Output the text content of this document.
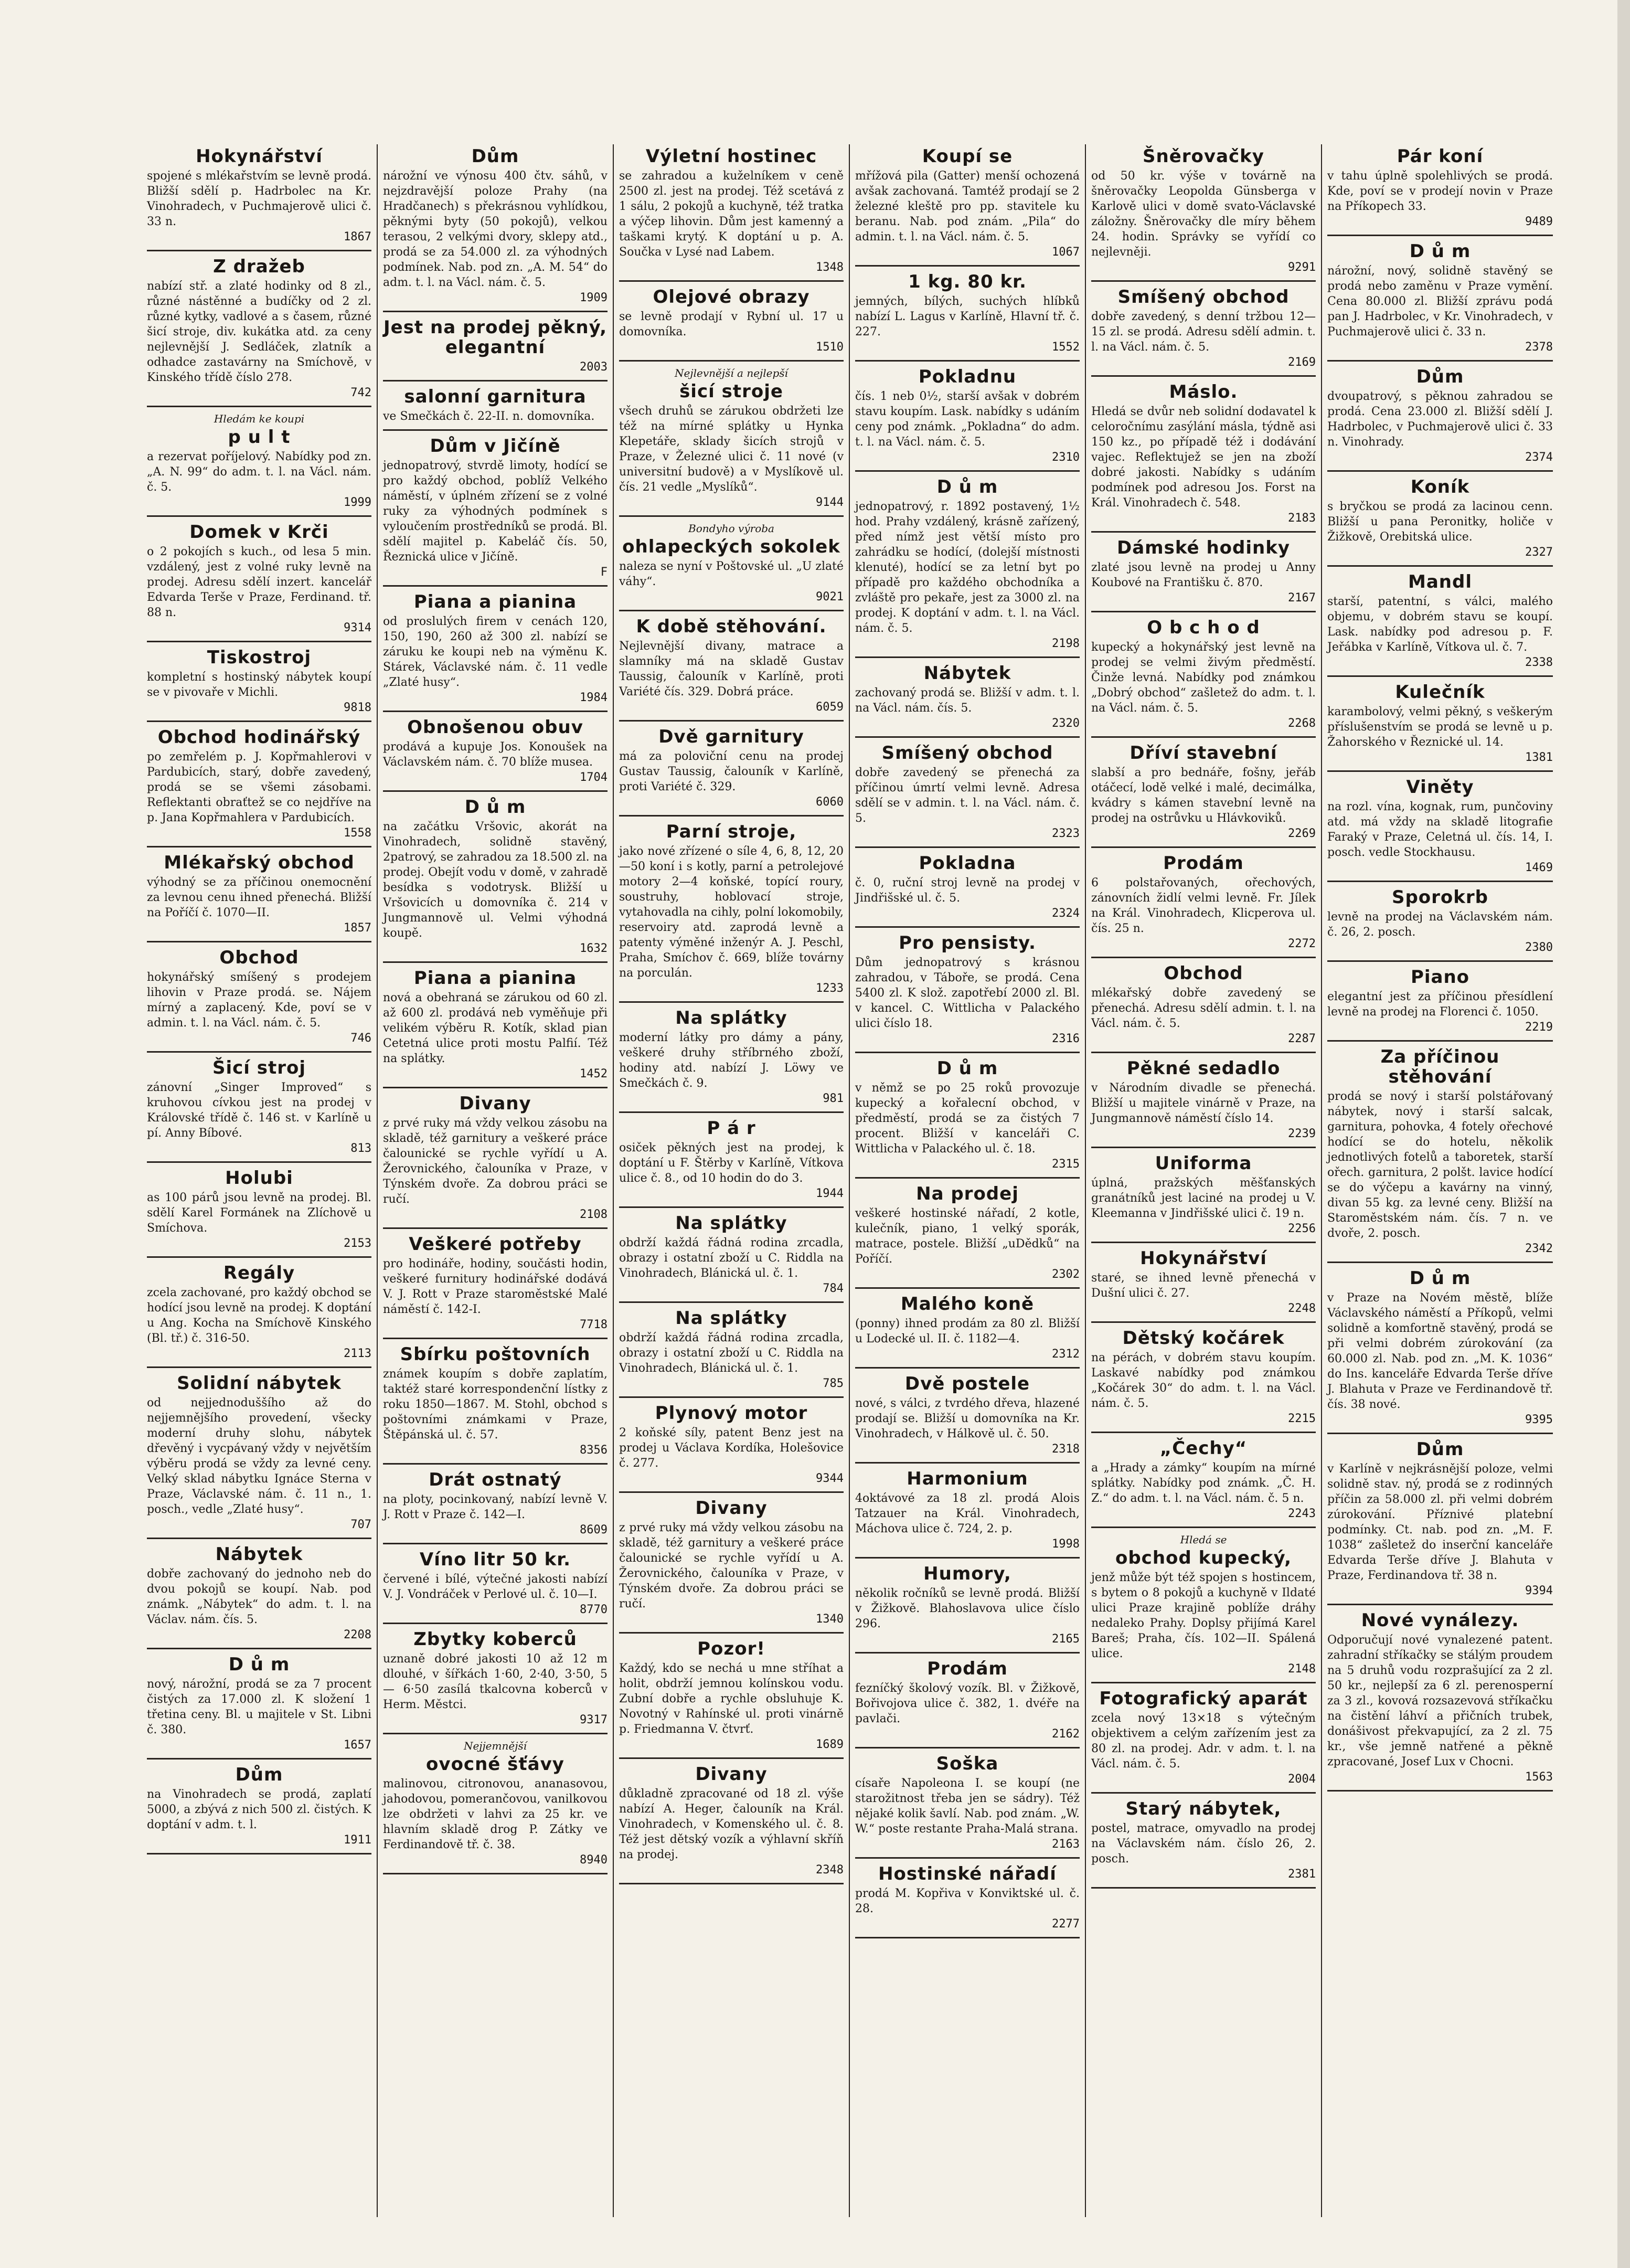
Hokynářství
spojené s mlékařstvím se levně prodá. Bližší sdělí p. Hadrbolec na Kr. Vinohradech, v Puchmajerově ulici č. 33 n.
1867
Z dražeb
nabízí stř. a zlaté hodinky od 8 zl., různé nástěnné a budíčky od 2 zl. různé kytky, vadlové a s časem, různé šicí stroje, div. kukátka atd. za ceny nejlevnější J. Sedláček, zlatník a odhadce zastavárny na Smíchově, v Kinského třídě číslo 278.
742
Hledám ke koupi
p u l t
a rezervat poříjelový. Nabídky pod zn. „A. N. 99“ do adm. t. l. na Václ. nám. č. 5.
1999
Domek v Krči
o 2 pokojích s kuch., od lesa 5 min. vzdálený, jest z volné ruky levně na prodej. Adresu sdělí inzert. kancelář Edvarda Terše v Praze, Ferdinand. tř. 88 n.
9314
Tiskostroj
kompletní s hostinský nábytek koupí se v pivovaře v Michli.
9818
Obchod hodinářský
po zemřelém p. J. Kopřmahlerovi v Pardubicích, starý, dobře zavedený, prodá se se všemi zásobami. Reflektanti obraťtež se co nejdříve na p. Jana Kopřmahlera v Pardubicích.
1558
Mlékařský obchod
výhodný se za příčinou onemocnění za levnou cenu ihned přenechá. Bližší na Poříčí č. 1070—II.
1857
Obchod
hokynářský smíšený s prodejem lihovin v Praze prodá. se. Nájem mírný a zaplacený. Kde, poví se v admin. t. l. na Václ. nám. č. 5.
746
Šicí stroj
zánovní „Singer Improved“ s kruhovou cívkou jest na prodej v Královské třídě č. 146 st. v Karlíně u pí. Anny Bíbové.
813
Holubi
as 100 párů jsou levně na prodej. Bl. sdělí Karel Formánek na Zlíchově u Smíchova.
2153
Regály
zcela zachované, pro každý obchod se hodící jsou levně na prodej. K doptání u Ang. Kocha na Smíchově Kinského (Bl. tř.) č. 316-50.
2113
Solidní nábytek
od nejjednoduššího až do nejjemnějšího provedení, všecky moderní druhy slohu, nábytek dřevěný i vycpávaný vždy v největším výběru prodá se vždy za levné ceny. Velký sklad nábytku Ignáce Sterna v Praze, Václavské nám. č. 11 n., 1. posch., vedle „Zlaté husy“.
707
Nábytek
dobře zachovaný do jednoho neb do dvou pokojů se koupí. Nab. pod známk. „Nábytek“ do adm. t. l. na Václav. nám. čís. 5.
2208
D ů m
nový, nárožní, prodá se za 7 procent čistých za 17.000 zl. K složení 1 třetina ceny. Bl. u majitele v St. Libni č. 380.
1657
Dům
na Vinohradech se prodá, zaplatí 5000, a zbývá z nich 500 zl. čistých. K doptání v adm. t. l.
1911
Dům
nárožní ve výnosu 400 čtv. sáhů, v nejzdravější poloze Prahy (na Hradčanech) s překrásnou vyhlídkou, pěknými byty (50 pokojů), velkou terasou, 2 velkými dvory, sklepy atd., prodá se za 54.000 zl. za výhodných podmínek. Nab. pod zn. „A. M. 54“ do adm. t. l. na Václ. nám. č. 5.
1909
Jest na prodej pěkný, elegantní
2003
salonní garnitura
ve Smečkách č. 22-II. n. domovníka.
Dům v Jičíně
jednopatrový, stvrdě limoty, hodící se pro každý obchod, poblíž Velkého náměstí, v úplném zřízení se z volné ruky za výhodných podmínek s vyloučením prostředníků se prodá. Bl. sdělí majitel p. Kabeláč čís. 50, Řeznická ulice v Jičíně.
F
Piana a pianina
od proslulých firem v cenách 120, 150, 190, 260 až 300 zl. nabízí se záruku ke koupi neb na výměnu K. Stárek, Václavské nám. č. 11 vedle „Zlaté husy“.
1984
Obnošenou obuv
prodává a kupuje Jos. Konoušek na Václavském nám. č. 70 blíže musea.
1704
D ů m
na začátku Vršovic, akorát na Vinohradech, solidně stavěný, 2patrový, se zahradou za 18.500 zl. na prodej. Obejít vodu v domě, v zahradě besídka s vodotrysk. Bližší u Vršovicích u domovníka č. 214 v Jungmannově ul. Velmi výhodná koupě.
1632
Piana a pianina
nová a obehraná se zárukou od 60 zl. až 600 zl. prodává neb vyměňuje při velikém výběru R. Kotík, sklad pian Cetetná ulice proti mostu Palfií. Též na splátky.
1452
Divany
z prvé ruky má vždy velkou zásobu na skladě, též garnitury a veškeré práce čalounické se rychle vyřídí u A. Žerovnického, čalouníka v Praze, v Týnském dvoře. Za dobrou práci se ručí.
2108
Veškeré potřeby
pro hodináře, hodiny, součásti hodin, veškeré furnitury hodinářské dodává V. J. Rott v Praze staroměstské Malé náměstí č. 142-I.
7718
Sbírku poštovních
známek koupím s dobře zaplatím, taktéž staré korrespondenční lístky z roku 1850—1867. M. Stohl, obchod s poštovními známkami v Praze, Štěpánská ul. č. 57.
8356
Drát ostnatý
na ploty, pocinkovaný, nabízí levně V. J. Rott v Praze č. 142—I.
8609
Víno litr 50 kr.
červené i bílé, výtečné jakosti nabízí V. J. Vondráček v Perlové ul. č. 10—I.
8770
Zbytky koberců
uznaně dobré jakosti 10 až 12 m dlouhé, v šířkách 1·60, 2·40, 3·50, 5 — 6·50 zasílá tkalcovna koberců v Herm. Městci.
9317
Nejjemnější
ovocné šťávy
malinovou, citronovou, ananasovou, jahodovou, pomerančovou, vanilkovou lze obdržeti v lahvi za 25 kr. ve hlavním skladě drog P. Zátky ve Ferdinandově tř. č. 38.
8940
Výletní hostinec
se zahradou a kuželníkem v ceně 2500 zl. jest na prodej. Též scetává z 1 sálu, 2 pokojů a kuchyně, též tratka a výčep lihovin. Dům jest kamenný a taškami krytý. K doptání u p. A. Součka v Lysé nad Labem.
1348
Olejové obrazy
se levně prodají v Rybní ul. 17 u domovníka.
1510
Nejlevnější a nejlepší
šicí stroje
všech druhů se zárukou obdržeti lze též na mírné splátky u Hynka Klepetáře, sklady šicích strojů v Praze, v Železné ulici č. 11 nové (v universitní budově) a v Myslíkově ul. čís. 21 vedle „Myslíků“.
9144
Bondyho výroba
ohlapeckých sokolek
naleza se nyní v Poštovské ul. „U zlaté váhy“.
9021
K době stěhování.
Nejlevnější divany, matrace a slamníky má na skladě Gustav Taussig, čalouník v Karlíně, proti Variété čís. 329. Dobrá práce.
6059
Dvě garnitury
má za poloviční cenu na prodej Gustav Taussig, čalouník v Karlíně, proti Variété č. 329.
6060
Parní stroje,
jako nové zřízené o síle 4, 6, 8, 12, 20—50 koní i s kotly, parní a petrolejové motory 2—4 koňské, topící roury, soustruhy, hoblovací stroje, vytahovadla na cihly, polní lokomobily, reservoiry atd. zaprodá levně a patenty výměné inženýr A. J. Peschl, Praha, Smíchov č. 669, blíže továrny na porculán.
1233
Na splátky
moderní látky pro dámy a pány, veškeré druhy stříbrného zboží, hodiny atd. nabízí J. Löwy ve Smečkách č. 9.
981
P á r
osiček pěkných jest na prodej, k doptání u F. Štěrby v Karlíně, Vítkova ulice č. 8., od 10 hodin do do 3.
1944
Na splátky
obdrží každá řádná rodina zrcadla, obrazy i ostatní zboží u C. Riddla na Vinohradech, Blánická ul. č. 1.
784
Na splátky
obdrží každá řádná rodina zrcadla, obrazy i ostatní zboží u C. Riddla na Vinohradech, Blánická ul. č. 1.
785
Plynový motor
2 koňské síly, patent Benz jest na prodej u Václava Kordíka, Holešovice č. 277.
9344
Divany
z prvé ruky má vždy velkou zásobu na skladě, též garnitury a veškeré práce čalounické se rychle vyřídí u A. Žerovnického, čalouníka v Praze, v Týnském dvoře. Za dobrou práci se ručí.
1340
Pozor!
Každý, kdo se nechá u mne stříhat a holit, obdrží jemnou kolínskou vodu. Zubní dobře a rychle obsluhuje K. Novotný v Rahínské ul. proti vinárně p. Friedmanna V. čtvrť.
1689
Divany
důkladně zpracované od 18 zl. výše nabízí A. Heger, čalouník na Král. Vinohradech, v Komenského ul. č. 8. Též jest dětský vozík a výhlavní skříň na prodej.
2348
Koupí se
mřížová pila (Gatter) menší ochozená avšak zachovaná. Tamtéž prodají se 2 železné kleště pro pp. stavitele ku beranu. Nab. pod znám. „Pila“ do admin. t. l. na Václ. nám. č. 5.
1067
1 kg. 80 kr.
jemných, bílých, suchých hlíbků nabízí L. Lagus v Karlíně, Hlavní tř. č. 227.
1552
Pokladnu
čís. 1 neb 0½, starší avšak v dobrém stavu koupím. Lask. nabídky s udáním ceny pod známk. „Pokladna“ do adm. t. l. na Václ. nám. č. 5.
2310
D ů m
jednopatrový, r. 1892 postavený, 1½ hod. Prahy vzdálený, krásně zařízený, před nímž jest větší místo pro zahrádku se hodící, (dolejší místnosti klenuté), hodící se za letní byt po případě pro každého obchodníka a zvláště pro pekaře, jest za 3000 zl. na prodej. K doptání v adm. t. l. na Václ. nám. č. 5.
2198
Nábytek
zachovaný prodá se. Bližší v adm. t. l. na Václ. nám. čís. 5.
2320
Smíšený obchod
dobře zavedený se přenechá za příčinou úmrtí velmi levně. Adresa sdělí se v admin. t. l. na Václ. nám. č. 5.
2323
Pokladna
č. 0, ruční stroj levně na prodej v Jindřišské ul. č. 5.
2324
Pro pensisty.
Dům jednopatrový s krásnou zahradou, v Táboře, se prodá. Cena 5400 zl. K slož. zapotřebí 2000 zl. Bl. v kancel. C. Wittlicha v Palackého ulici číslo 18.
2316
D ů m
v němž se po 25 roků provozuje kupecký a kořalecní obchod, v předměstí, prodá se za čistých 7 procent. Bližší v kanceláři C. Wittlicha v Palackého ul. č. 18.
2315
Na prodej
veškeré hostinské nářadí, 2 kotle, kulečník, piano, 1 velký sporák, matrace, postele. Bližší „uDědků“ na Poříčí.
2302
Malého koně
(ponny) ihned prodám za 80 zl. Bližší u Lodecké ul. II. č. 1182—4.
2312
Dvě postele
nové, s válci, z tvrdého dřeva, hlazené prodají se. Bližší u domovníka na Kr. Vinohradech, v Hálkově ul. č. 50.
2318
Harmonium
4oktávové za 18 zl. prodá Alois Tatzauer na Král. Vinohradech, Máchova ulice č. 724, 2. p.
1998
Humory,
několik ročníků se levně prodá. Bližší v Žižkově. Blahoslavova ulice číslo 296.
2165
Prodám
fezníčký školový vozík. Bl. v Žižkově, Bořivojova ulice č. 382, 1. dvéře na pavlači.
2162
Soška
císaře Napoleona I. se koupí (ne starožitnost třeba jen se sádry). Též nějaké kolik šavlí. Nab. pod znám. „W. W.“ poste restante Praha-Malá strana.
2163
Hostinské nářadí
prodá M. Kopřiva v Konviktské ul. č. 28.
2277
Šněrovačky
od 50 kr. výše v továrně na šněrovačky Leopolda Günsberga v Karlově ulici v domě svato-Václavské záložny. Šněrovačky dle míry během 24. hodin. Správky se vyřídí co nejlevněji.
9291
Smíšený obchod
dobře zavedený, s denní tržbou 12—15 zl. se prodá. Adresu sdělí admin. t. l. na Václ. nám. č. 5.
2169
Máslo.
Hledá se dvůr neb solidní dodavatel k celoročnímu zasýlání másla, týdně asi 150 kz., po případě též i dodávání vajec. Reflektujež se jen na zboží dobré jakosti. Nabídky s udáním podmínek pod adresou Jos. Forst na Král. Vinohradech č. 548.
2183
Dámské hodinky
zlaté jsou levně na prodej u Anny Koubové na Františku č. 870.
2167
O b c h o d
kupecký a hokynářský jest levně na prodej se velmi živým předměstí. Činže levná. Nabídky pod známkou „Dobrý obchod“ zašletež do adm. t. l. na Václ. nám. č. 5.
2268
Dříví stavební
slabší a pro bednáře, fošny, jeřáb otáčecí, lodě velké i malé, decimálka, kvádry s kámen stavební levně na prodej na ostrůvku u Hlávkoviků.
2269
Prodám
6 polstařovaných, ořechových, zánovních židlí velmi levně. Fr. Jílek na Král. Vinohradech, Klicperova ul. čís. 25 n.
2272
Obchod
mlékařský dobře zavedený se přenechá. Adresu sdělí admin. t. l. na Václ. nám. č. 5.
2287
Pěkné sedadlo
v Národním divadle se přenechá. Bližší u majitele vinárně v Praze, na Jungmannově náměstí číslo 14.
2239
Uniforma
úplná, pražských měšťanských granátníků jest laciné na prodej u V. Kleemanna v Jindřišské ulici č. 19 n.
2256
Hokynářství
staré, se ihned levně přenechá v Dušní ulici č. 27.
2248
Dětský kočárek
na pérách, v dobrém stavu koupím. Laskavé nabídky pod známkou „Kočárek 30“ do adm. t. l. na Václ. nám. č. 5.
2215
„Čechy“
a „Hrady a zámky“ koupím na mírné splátky. Nabídky pod známk. „Č. H. Z.“ do adm. t. l. na Václ. nám. č. 5 n.
2243
Hledá se
obchod kupecký,
jenž může být též spojen s hostincem, s bytem o 8 pokojů a kuchyně v Ildaté ulici Praze krajině poblíže dráhy nedaleko Prahy. Doplsy přijímá Karel Bareš; Praha, čís. 102—II. Spálená ulice.
2148
Fotografický aparát
zcela nový 13×18 s výtečným objektivem a celým zařízením jest za 80 zl. na prodej. Adr. v adm. t. l. na Václ. nám. č. 5.
2004
Starý nábytek,
postel, matrace, omyvadlo na prodej na Václavském nám. číslo 26, 2. posch.
2381
Pár koní
v tahu úplně spolehlivých se prodá. Kde, poví se v prodejí novin v Praze na Příkopech 33.
9489
D ů m
nárožní, nový, solidně stavěný se prodá nebo zaměnu v Praze vymění. Cena 80.000 zl. Bližší zprávu podá pan J. Hadrbolec, v Kr. Vinohradech, v Puchmajerově ulici č. 33 n.
2378
Dům
dvoupatrový, s pěknou zahradou se prodá. Cena 23.000 zl. Bližší sdělí J. Hadrbolec, v Puchmajerově ulici č. 33 n. Vinohrady.
2374
Koník
s bryčkou se prodá za lacinou cenn. Bližší u pana Peronitky, holiče v Žižkově, Orebitská ulice.
2327
Mandl
starší, patentní, s válci, malého objemu, v dobrém stavu se koupí. Lask. nabídky pod adresou p. F. Jeřábka v Karlíně, Vítkova ul. č. 7.
2338
Kulečník
karambolový, velmi pěkný, s veškerým příslušenstvím se prodá se levně u p. Žahorského v Řeznické ul. 14.
1381
Viněty
na rozl. vína, kognak, rum, punčoviny atd. má vždy na skladě litografie Faraký v Praze, Celetná ul. čís. 14, I. posch. vedle Stockhausu.
1469
Sporokrb
levně na prodej na Václavském nám. č. 26, 2. posch.
2380
Piano
elegantní jest za příčinou přesídlení levně na prodej na Florenci č. 1050.
2219
Za příčinou stěhování
prodá se nový i starší polstářovaný nábytek, nový i starší salcak, garnitura, pohovka, 4 fotely ořechové hodící se do hotelu, několik jednotlivých fotelů a taboretek, starší ořech. garnitura, 2 polšt. lavice hodící se do výčepu a kavárny na vinný, divan 55 kg. za levné ceny. Bližší na Staroměstském nám. čís. 7 n. ve dvoře, 2. posch.
2342
D ů m
v Praze na Novém městě, blíže Václavského náměstí a Příkopů, velmi solidně a komfortně stavěný, prodá se při velmi dobrém zúrokování (za 60.000 zl. Nab. pod zn. „M. K. 1036“ do Ins. kanceláře Edvarda Terše dříve J. Blahuta v Praze ve Ferdinandově tř. čís. 38 nové.
9395
Dům
v Karlíně v nejkrásnější poloze, velmi solidně stav. ný, prodá se z rodinných příčin za 58.000 zl. při velmi dobrém zúrokování. Příznivé platební podmínky. Ct. nab. pod zn. „M. F. 1038“ zašletež do inserční kanceláře Edvarda Terše dříve J. Blahuta v Praze, Ferdinandova tř. 38 n.
9394
Nové vynálezy.
Odporučují nové vynalezené patent. zahradní stříkačky se stálým proudem na 5 druhů vodu rozprašující za 2 zl. 50 kr., nejlepší za 6 zl. perenosperní za 3 zl., kovová rozsazevová stříkačku na čistění láhví a přičních trubek, donášivost překvapující, za 2 zl. 75 kr., vše jemně natřené a pěkně zpracované, Josef Lux v Chocni.
1563
